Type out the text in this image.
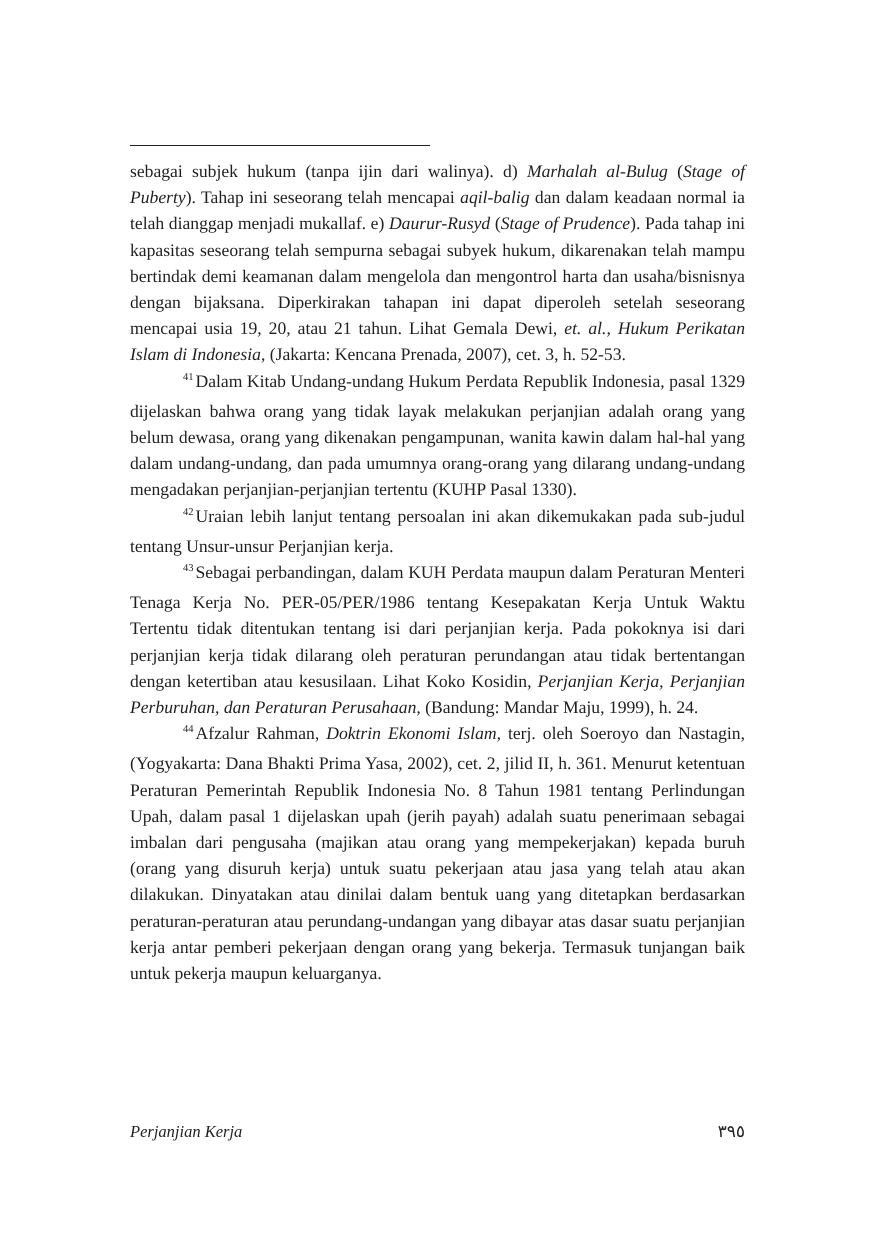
sebagai subjek hukum (tanpa ijin dari walinya). d) Marhalah al-Bulug (Stage of Puberty). Tahap ini seseorang telah mencapai aqil-balig dan dalam keadaan normal ia telah dianggap menjadi mukallaf. e) Daurur-Rusyd (Stage of Prudence). Pada tahap ini kapasitas seseorang telah sempurna sebagai subyek hukum, dikarenakan telah mampu bertindak demi keamanan dalam mengelola dan mengontrol harta dan usaha/bisnisnya dengan bijaksana. Diperkirakan tahapan ini dapat diperoleh setelah seseorang mencapai usia 19, 20, atau 21 tahun. Lihat Gemala Dewi, et. al., Hukum Perikatan Islam di Indonesia, (Jakarta: Kencana Prenada, 2007), cet. 3, h. 52-53.

$^{41}$ Dalam Kitab Undang-undang Hukum Perdata Republik Indonesia, pasal 1329 dijelaskan bahwa orang yang tidak layak melakukan perjanjian adalah orang yang belum dewasa, orang yang dikenakan pengampunan, wanita kawin dalam hal-hal yang dalam undang-undang, dan pada umumnya orang-orang yang dilarang undang-undang mengadakan perjanjian-perjanjian tertentu (KUHP Pasal 1330).

$^{42}$ Uraian lebih lanjut tentang persoalan ini akan dikemukakan pada sub-judul tentang Unsur-unsur Perjanjian kerja.

$^{43}$ Sebagai perbandingan, dalam KUH Perdata maupun dalam Peraturan Menteri Tenaga Kerja No. PER-05/PER/1986 tentang Kesepakatan Kerja Untuk Waktu Tertentu tidak ditentukan tentang isi dari perjanjian kerja. Pada pokoknya isi dari perjanjian kerja tidak dilarang oleh peraturan perundangan atau tidak bertentangan dengan ketertiban atau kesusilaan. Lihat Koko Kosidin, Perjanjian Kerja, Perjanjian Perburuhan, dan Peraturan Perusahaan, (Bandung: Mandar Maju, 1999), h. 24.

$^{44}$ Afzalur Rahman, Doktrin Ekonomi Islam, terj. oleh Soeroyo dan Nastagin, (Yogyakarta: Dana Bhakti Prima Yasa, 2002), cet. 2, jilid II, h. 361. Menurut ketentuan Peraturan Pemerintah Republik Indonesia No. 8 Tahun 1981 tentang Perlindungan Upah, dalam pasal 1 dijelaskan upah (jerih payah) adalah suatu penerimaan sebagai imbalan dari pengusaha (majikan atau orang yang mempekerjakan) kepada buruh (orang yang disuruh kerja) untuk suatu pekerjaan atau jasa yang telah atau akan dilakukan. Dinyatakan atau dinilai dalam bentuk uang yang ditetapkan berdasarkan peraturan-peraturan atau perundang-undangan yang dibayar atas dasar suatu perjanjian kerja antar pemberi pekerjaan dengan orang yang bekerja. Termasuk tunjangan baik untuk pekerja maupun keluarganya.

Perjanjian Kerja	٣٩٥
